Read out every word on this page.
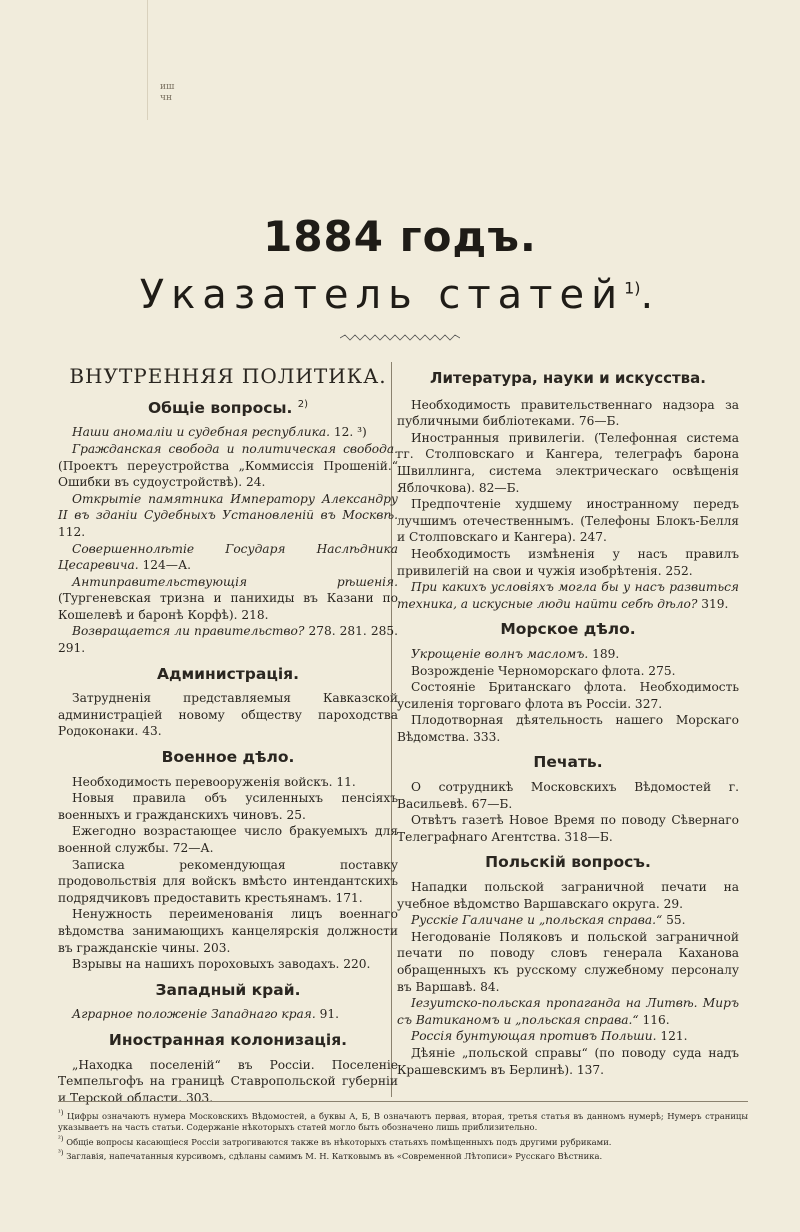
иш
чн
1884 годъ.
Указатель статей$^{1)}$.
ВНУТРЕННЯЯ ПОЛИТИКА.
Общіе вопросы. $^{2)}$

Наши аномаліи и судебная республика. 12. ³)

Гражданская свобода и политическая свобода. (Проектъ переустройства „Коммиссія Прошеній.“ Ошибки въ судоустройствѣ). 24.

Открытіе памятника Императору Александру II въ зданіи Судебныхъ Установленій въ Москвѣ. 112.

Совершеннолѣтіе Государя Наслѣдника Цесаревича. 124—А.

Антиправительствующія рѣшенія. (Тургеневская тризна и панихиды въ Казани по Кошелевѣ и баронѣ Корфѣ). 218.

Возвращается ли правительство? 278. 281. 285. 291.

Администрація.

Затрудненія представляемыя Кавказской администраціей новому обществу пароходства Родоконаки. 43.

Военное дѣло.

Необходимость перевооруженія войскъ. 11.

Новыя правила объ усиленныхъ пенсіяхъ военныхъ и гражданскихъ чиновъ. 25.

Ежегодно возрастающее число бракуемыхъ для военной службы. 72—А.

Записка рекомендующая поставку продовольствія для войскъ вмѣсто интендантскихъ подрядчиковъ предоставить крестьянамъ. 171.

Ненужность переименованія лицъ военнаго вѣдомства занимающихъ канцелярскія должности въ гражданскіе чины. 203.

Взрывы на нашихъ пороховыхъ заводахъ. 220.

Западный край.

Аграрное положеніе Западнаго края. 91.

Иностранная колонизація.

„Находка поселеній“ въ Россіи. Поселеніе Темпельгофъ на границѣ Ставропольской губерніи и Терской области. 303.

Литература, науки и искусства.

Необходимость правительственнаго надзора за публичными библіотеками. 76—Б.

Иностранныя привилегіи. (Телефонная система гг. Столповскаго и Кангера, телеграфъ барона Швиллинга, система электрическаго освѣщенія Яблочкова). 82—Б.

Предпочтеніе худшему иностранному передъ лучшимъ отечественнымъ. (Телефоны Блокъ-Белля и Столповскаго и Кангера). 247.

Необходимость измѣненія у насъ правилъ привилегій на свои и чужія изобрѣтенія. 252.

При какихъ условіяхъ могла бы у насъ развиться техника, а искусные люди найти себѣ дѣло? 319.

Морское дѣло.

Укрощеніе волнъ масломъ. 189.

Возрожденіе Черноморскаго флота. 275.

Состояніе Британскаго флота. Необходимость усиленія торговаго флота въ Россіи. 327.

Плодотворная дѣятельность нашего Морскаго Вѣдомства. 333.

Печать.

О сотрудникѣ Московскихъ Вѣдомостей г. Васильевѣ. 67—Б.

Отвѣтъ газетѣ Новое Время по поводу Сѣвернаго Телеграфнаго Агентства. 318—Б.

Польскій вопросъ.

Нападки польской заграничной печати на учебное вѣдомство Варшавскаго округа. 29.

Русскіе Галичане и „польская справа.“ 55.

Негодованіе Поляковъ и польской заграничной печати по поводу словъ генерала Каханова обращенныхъ къ русскому служебному персоналу въ Варшавѣ. 84.

Іезуитско-польская пропаганда на Литвѣ. Миръ съ Ватиканомъ и „польская справа.“ 116.

Россія бунтующая противъ Польши. 121.

Дѣяніе „польской справы“ (по поводу суда надъ Крашевскимъ въ Берлинѣ). 137.

$^{^1)}$ Цифры означаютъ нумера Московскихъ Вѣдомостей, а буквы А, Б, В означаютъ первая, вторая, третья статья въ данномъ нумерѣ; Нумеръ страницы указываетъ на часть статьи. Содержаніе нѣкоторыхъ статей могло быть обозначено лишь приблизительно.

$^{^2)}$ Общіе вопросы касающіеся Россіи затрогиваются также въ нѣкоторыхъ статьяхъ помѣщенныхъ подъ другими рубриками.

$^{^3)}$ Заглавія, напечатанныя курсивомъ, сдѣланы самимъ М. Н. Катковымъ въ «Современной Лѣтописи» Русскаго Вѣстника.
